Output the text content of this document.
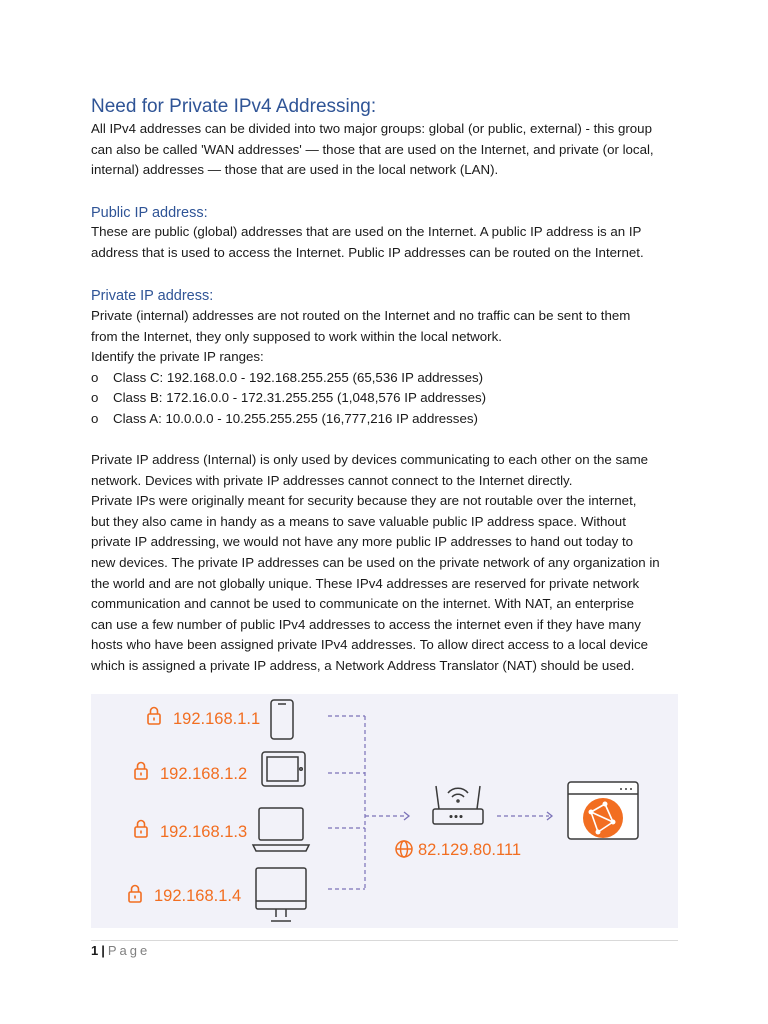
Need for Private IPv4 Addressing:
All IPv4 addresses can be divided into two major groups: global (or public, external) - this group
can also be called 'WAN addresses' — those that are used on the Internet, and private (or local,
internal) addresses — those that are used in the local network (LAN).
Public IP address:
These are public (global) addresses that are used on the Internet. A public IP address is an IP
address that is used to access the Internet. Public IP addresses can be routed on the Internet.
Private IP address:
Private (internal) addresses are not routed on the Internet and no traffic can be sent to them
from the Internet, they only supposed to work within the local network.
Identify the private IP ranges:
o Class C: 192.168.0.0 - 192.168.255.255 (65,536 IP addresses)
o Class B: 172.16.0.0 - 172.31.255.255 (1,048,576 IP addresses)
o Class A: 10.0.0.0 - 10.255.255.255 (16,777,216 IP addresses)
Private IP address (Internal) is only used by devices communicating to each other on the same
network. Devices with private IP addresses cannot connect to the Internet directly.
Private IPs were originally meant for security because they are not routable over the internet,
but they also came in handy as a means to save valuable public IP address space. Without
private IP addressing, we would not have any more public IP addresses to hand out today to
new devices. The private IP addresses can be used on the private network of any organization in
the world and are not globally unique. These IPv4 addresses are reserved for private network
communication and cannot be used to communicate on the internet. With NAT, an enterprise
can use a few number of public IPv4 addresses to access the internet even if they have many
hosts who have been assigned private IPv4 addresses. To allow direct access to a local device
which is assigned a private IP address, a Network Address Translator (NAT) should be used.
192.168.1.1
192.168.1.2
192.168.1.3
192.168.1.4
82.129.80.111
1 | Page
